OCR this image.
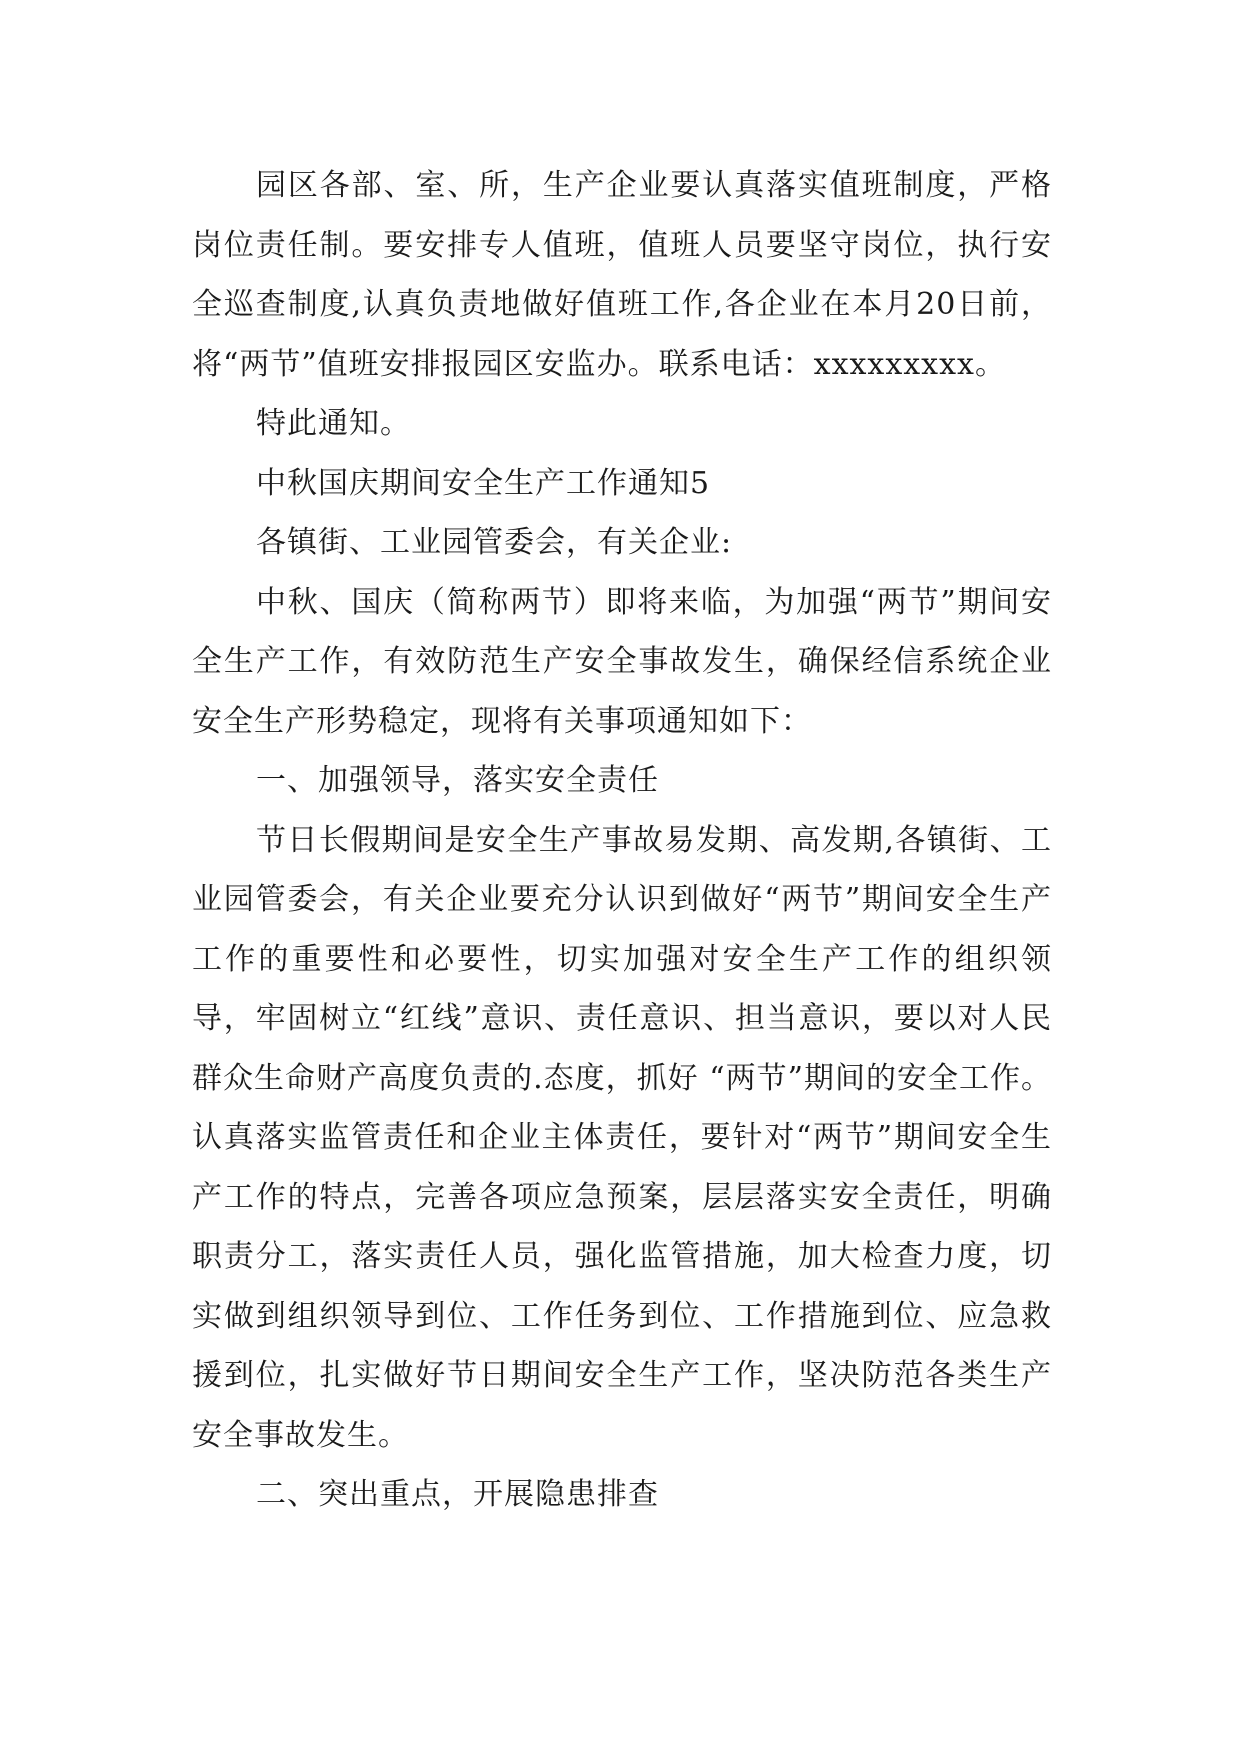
园区各部、室、所，生产企业要认真落实值班制度，严格岗位责任制。要安排专人值班，值班人员要坚守岗位，执行安全巡查制度,认真负责地做好值班工作,各企业在本月20日前，将“两节”值班安排报园区安监办。联系电话：xxxxxxxxx。

特此通知。

中秋国庆期间安全生产工作通知5

各镇街、工业园管委会，有关企业:

中秋、国庆（简称两节）即将来临，为加强“两节”期间安全生产工作，有效防范生产安全事故发生，确保经信系统企业安全生产形势稳定，现将有关事项通知如下：

一、加强领导，落实安全责任

节日长假期间是安全生产事故易发期、高发期,各镇街、工业园管委会，有关企业要充分认识到做好“两节”期间安全生产工作的重要性和必要性，切实加强对安全生产工作的组织领导，牢固树立“红线”意识、责任意识、担当意识，要以对人民群众生命财产高度负责的.态度，抓好 “两节”期间的安全工作。认真落实监管责任和企业主体责任，要针对“两节”期间安全生产工作的特点，完善各项应急预案，层层落实安全责任，明确职责分工，落实责任人员，强化监管措施，加大检查力度，切实做到组织领导到位、工作任务到位、工作措施到位、应急救援到位，扎实做好节日期间安全生产工作，坚决防范各类生产安全事故发生。

二、突出重点，开展隐患排查
